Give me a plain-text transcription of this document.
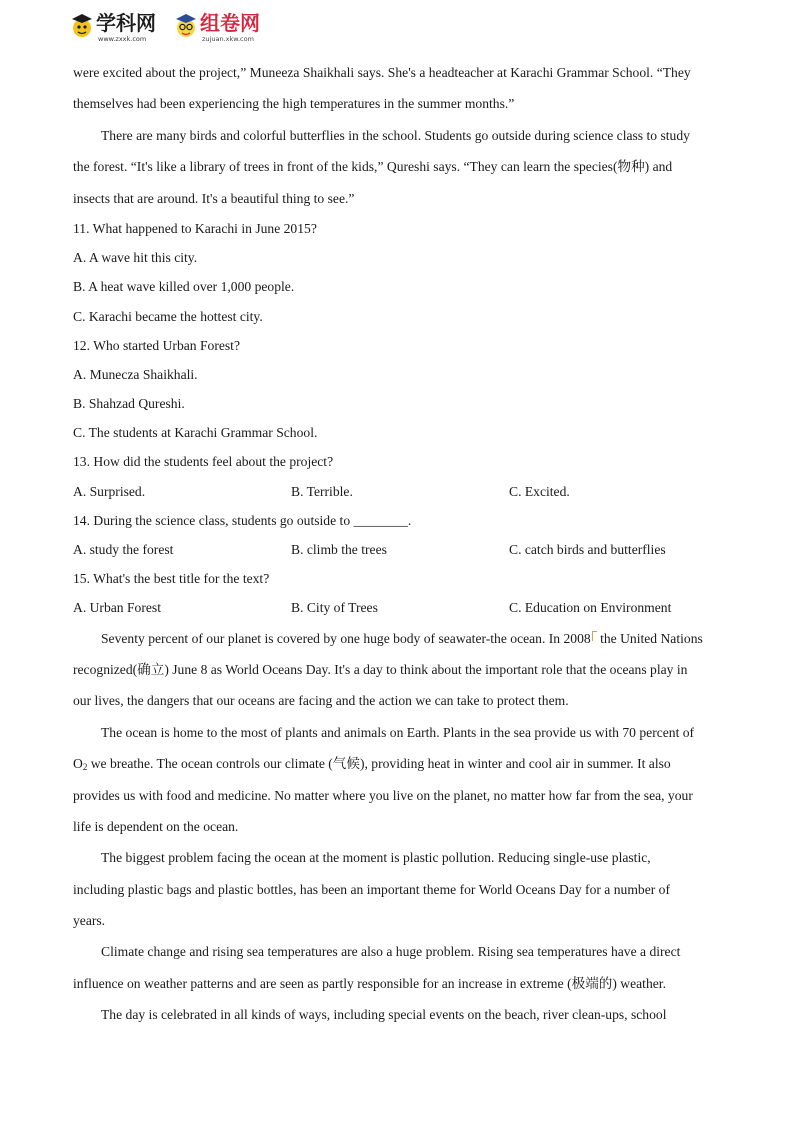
学科网
www.zxxk.com
组卷网
zujuan.xkw.com
were excited about the project,” Muneeza Shaikhali says. She's a headteacher at Karachi Grammar School. “They
themselves had been experiencing the high temperatures in the summer months.”
There are many birds and colorful butterflies in the school. Students go outside during science class to study
the forest. “It's like a library of trees in front of the kids,” Qureshi says. “They can learn the species(物种) and
insects that are around. It's a beautiful thing to see.”
11. What happened to Karachi in June 2015?
A. A wave hit this city.
B. A heat wave killed over 1,000 people.
C. Karachi became the hottest city.
12. Who started Urban Forest?
A. Munecza Shaikhali.
B. Shahzad Qureshi.
C. The students at Karachi Grammar School.
13. How did the students feel about the project?
A. Surprised.	B. Terrible.	C. Excited.
14. During the science class, students go outside to ________.
A. study the forest	B. climb the trees	C. catch birds and butterflies
15. What's the best title for the text?
A. Urban Forest	B. City of Trees	C. Education on Environment
Seventy percent of our planet is covered by one huge body of seawater-the ocean. In 2008 the United Nations
recognized(确立) June 8 as World Oceans Day. It's a day to think about the important role that the oceans play in
our lives, the dangers that our oceans are facing and the action we can take to protect them.
The ocean is home to the most of plants and animals on Earth. Plants in the sea provide us with 70 percent of
$O_2$ we breathe. The ocean controls our climate (气候), providing heat in winter and cool air in summer. It also
provides us with food and medicine. No matter where you live on the planet, no matter how far from the sea, your
life is dependent on the ocean.
The biggest problem facing the ocean at the moment is plastic pollution. Reducing single-use plastic,
including plastic bags and plastic bottles, has been an important theme for World Oceans Day for a number of
years.
Climate change and rising sea temperatures are also a huge problem. Rising sea temperatures have a direct
influence on weather patterns and are seen as partly responsible for an increase in extreme (极端的) weather.
The day is celebrated in all kinds of ways, including special events on the beach, river clean-ups, school
